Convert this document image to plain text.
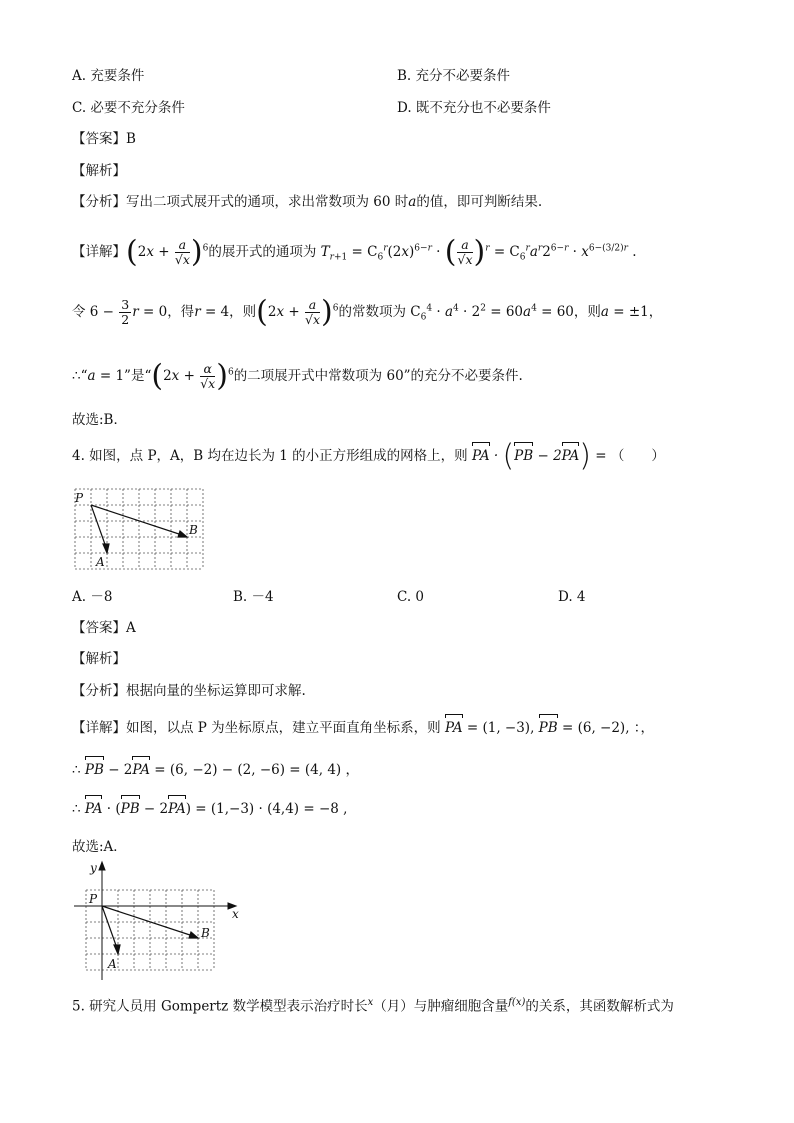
A. 充要条件	B. 充分不必要条件
C. 必要不充分条件	D. 既不充分也不必要条件
【答案】B
【解析】
【分析】写出二项式展开式的通项，求出常数项为 60 时a的值，即可判断结果.
【详解】$(2x + \frac{a}{√x} )^6$的展开式的通项为 $T_{r+1} = C_6^r(2x)^{6-r}$ · ( $\frac{a}{√x} )^r = C_6^ra^r2^{6-r} \cdot x^{6-(3/2)r}$ .
令 $6 - \frac{3}{2}$ r = 0，得r = 4，则$(2x + \frac{a}{√x} )^6$的常数项为 $C_6^4 \cdot a^4 \cdot 2^2 = 60a^4 = 60$，则a = ±1，
∴“a = 1”是“$(2x + \frac{\alpha}{√x} )^6$的二项展开式中常数项为 60”的充分不必要条件.
故选:B．
4. 如图，点 P，A，B 均在边长为 1 的小正方形组成的网格上，则 PA · (PB − 2PA) = （　　）
P
A
B
A. －8	B. －4	C. 0	D. 4
【答案】A
【解析】
【分析】根据向量的坐标运算即可求解.
【详解】如图，以点 P 为坐标原点，建立平面直角坐标系，则 PA = (1, −3), PB = (6, −2), ：，
∴ PB − 2PA = (6, −2) − (2, −6) = (4, 4) ，
∴ PA · (PB − 2PA) = (1,−3) · (4,4) = −8 ,
故选:A．
y
x
P
A
B
5. 研究人员用 Gompertz 数学模型表示治疗时长$^x$（月）与肿瘤细胞含量$^{f(x)}$的关系，其函数解析式为
